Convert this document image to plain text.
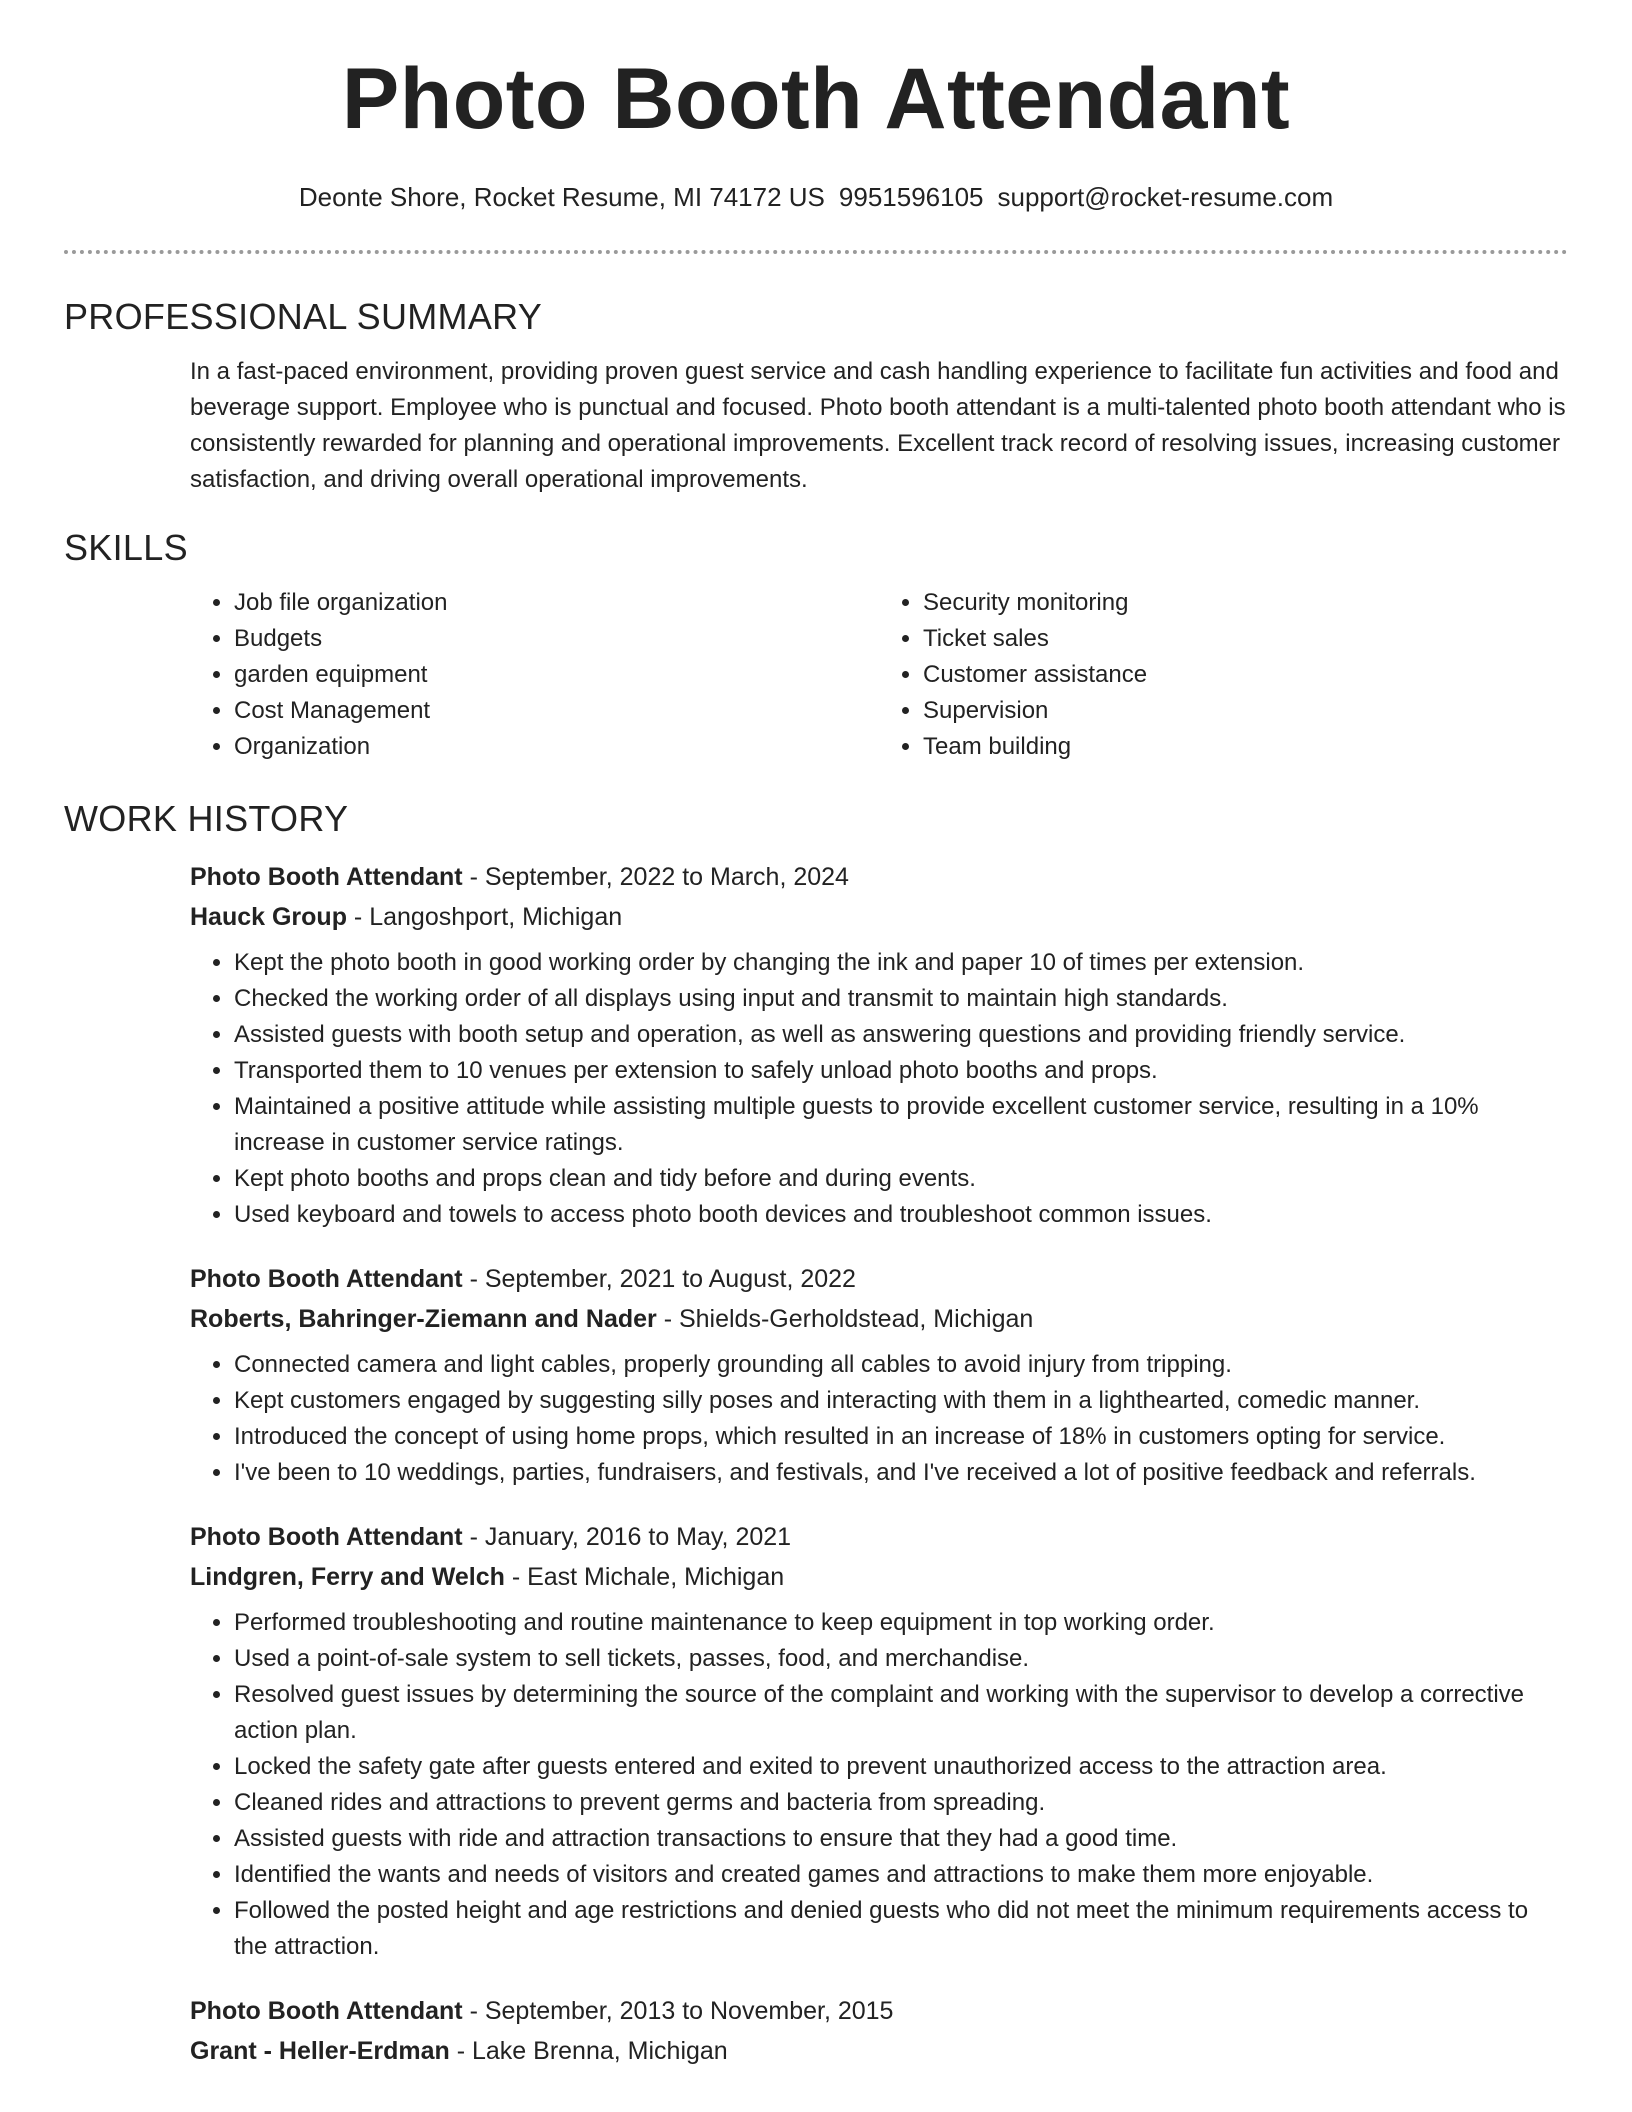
Photo Booth Attendant
Deonte Shore, Rocket Resume, MI 74172 US 9951596105 support@rocket-resume.com
PROFESSIONAL SUMMARY

In a fast-paced environment, providing proven guest service and cash handling experience to facilitate fun activities and food and beverage support. Employee who is punctual and focused. Photo booth attendant is a multi-talented photo booth attendant who is consistently rewarded for planning and operational improvements. Excellent track record of resolving issues, increasing customer satisfaction, and driving overall operational improvements.

SKILLS
• Job file organization
• Budgets
• garden equipment
• Cost Management
• Organization
• Security monitoring
• Ticket sales
• Customer assistance
• Supervision
• Team building
WORK HISTORY
Photo Booth Attendant - September, 2022 to March, 2024
Hauck Group - Langoshport, Michigan
• Kept the photo booth in good working order by changing the ink and paper 10 of times per extension.
• Checked the working order of all displays using input and transmit to maintain high standards.
• Assisted guests with booth setup and operation, as well as answering questions and providing friendly service.
• Transported them to 10 venues per extension to safely unload photo booths and props.
• Maintained a positive attitude while assisting multiple guests to provide excellent customer service, resulting in a 10% increase in customer service ratings.
• Kept photo booths and props clean and tidy before and during events.
• Used keyboard and towels to access photo booth devices and troubleshoot common issues.
Photo Booth Attendant - September, 2021 to August, 2022
Roberts, Bahringer-Ziemann and Nader - Shields-Gerholdstead, Michigan
• Connected camera and light cables, properly grounding all cables to avoid injury from tripping.
• Kept customers engaged by suggesting silly poses and interacting with them in a lighthearted, comedic manner.
• Introduced the concept of using home props, which resulted in an increase of 18% in customers opting for service.
• I've been to 10 weddings, parties, fundraisers, and festivals, and I've received a lot of positive feedback and referrals.
Photo Booth Attendant - January, 2016 to May, 2021
Lindgren, Ferry and Welch - East Michale, Michigan
• Performed troubleshooting and routine maintenance to keep equipment in top working order.
• Used a point-of-sale system to sell tickets, passes, food, and merchandise.
• Resolved guest issues by determining the source of the complaint and working with the supervisor to develop a corrective action plan.
• Locked the safety gate after guests entered and exited to prevent unauthorized access to the attraction area.
• Cleaned rides and attractions to prevent germs and bacteria from spreading.
• Assisted guests with ride and attraction transactions to ensure that they had a good time.
• Identified the wants and needs of visitors and created games and attractions to make them more enjoyable.
• Followed the posted height and age restrictions and denied guests who did not meet the minimum requirements access to the attraction.
Photo Booth Attendant - September, 2013 to November, 2015
Grant - Heller-Erdman - Lake Brenna, Michigan
